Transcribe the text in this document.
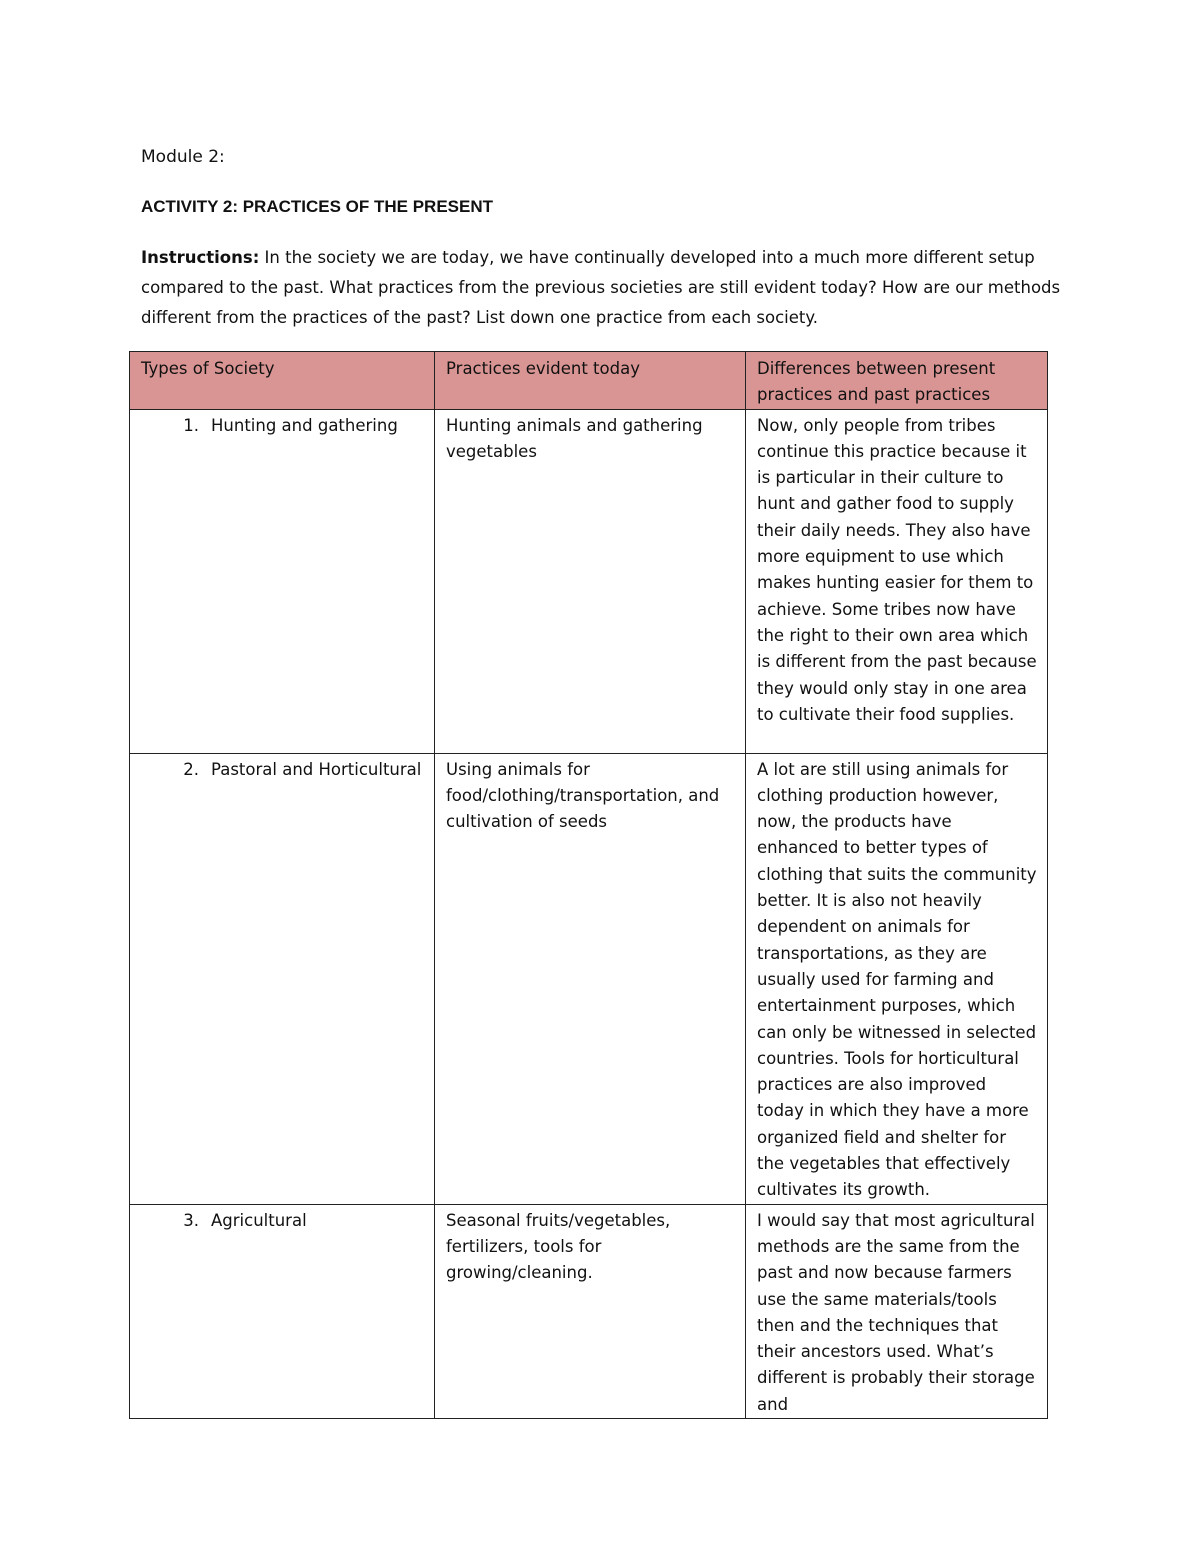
Module 2:
ACTIVITY 2: PRACTICES OF THE PRESENT
Instructions: In the society we are today, we have continually developed into a much more different setup compared to the past. What practices from the previous societies are still evident today? How are our methods different from the practices of the past? List down one practice from each society.
Types of Society	Practices evident today	Differences between present practices and past practices

1. Hunting and gathering	Hunting animals and gathering vegetables	Now, only people from tribes continue this practice because it is particular in their culture to hunt and gather food to supply their daily needs. They also have more equipment to use which makes hunting easier for them to achieve. Some tribes now have the right to their own area which is different from the past because they would only stay in one area to cultivate their food supplies.

2. Pastoral and Horticultural	Using animals for food/clothing/transportation, and cultivation of seeds	A lot are still using animals for clothing production however, now, the products have enhanced to better types of clothing that suits the community better. It is also not heavily dependent on animals for transportations, as they are usually used for farming and entertainment purposes, which can only be witnessed in selected countries. Tools for horticultural practices are also improved today in which they have a more organized field and shelter for the vegetables that effectively cultivates its growth.

3. Agricultural	Seasonal fruits/vegetables, fertilizers, tools for growing/cleaning.	I would say that most agricultural methods are the same from the past and now because farmers use the same materials/tools then and the techniques that their ancestors used. What’s different is probably their storage and
